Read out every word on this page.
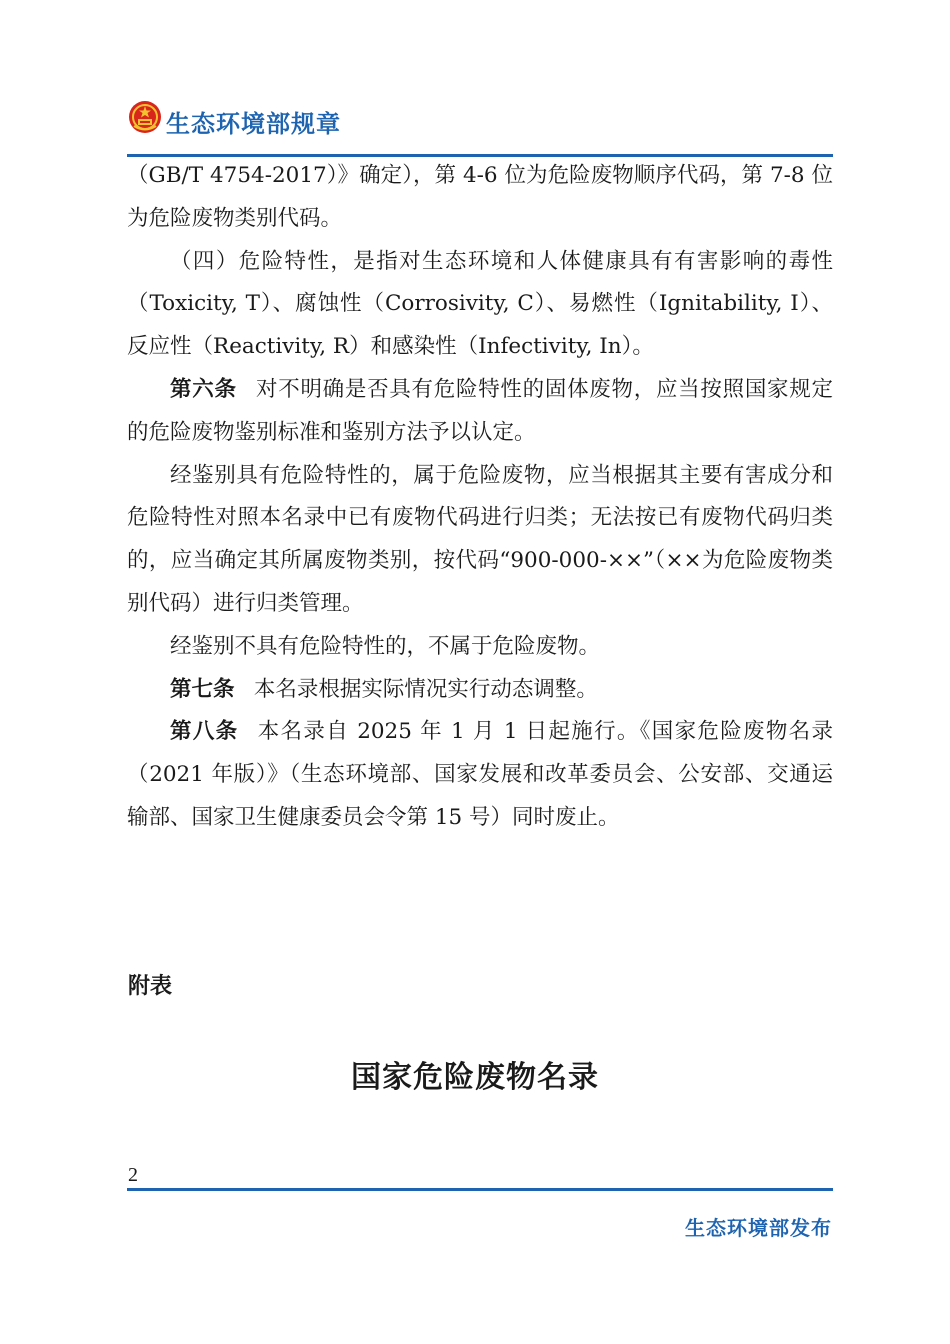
生态环境部规章

（GB/T 4754-2017）》确定），第 4-6 位为危险废物顺序代码，第 7-8 位为危险废物类别代码。

（四）危险特性，是指对生态环境和人体健康具有有害影响的毒性（Toxicity, T）、腐蚀性（Corrosivity, C）、易燃性（Ignitability, I）、反应性（Reactivity, R）和感染性（Infectivity, In）。

第六条 对不明确是否具有危险特性的固体废物，应当按照国家规定的危险废物鉴别标准和鉴别方法予以认定。

经鉴别具有危险特性的，属于危险废物，应当根据其主要有害成分和危险特性对照本名录中已有废物代码进行归类；无法按已有废物代码归类的，应当确定其所属废物类别，按代码“900-000-××”（××为危险废物类别代码）进行归类管理。

经鉴别不具有危险特性的，不属于危险废物。

第七条 本名录根据实际情况实行动态调整。

第八条 本名录自 2025 年 1 月 1 日起施行。《国家危险废物名录（2021 年版）》（生态环境部、国家发展和改革委员会、公安部、交通运输部、国家卫生健康委员会令第 15 号）同时废止。

附表
国家危险废物名录
2
生态环境部发布
